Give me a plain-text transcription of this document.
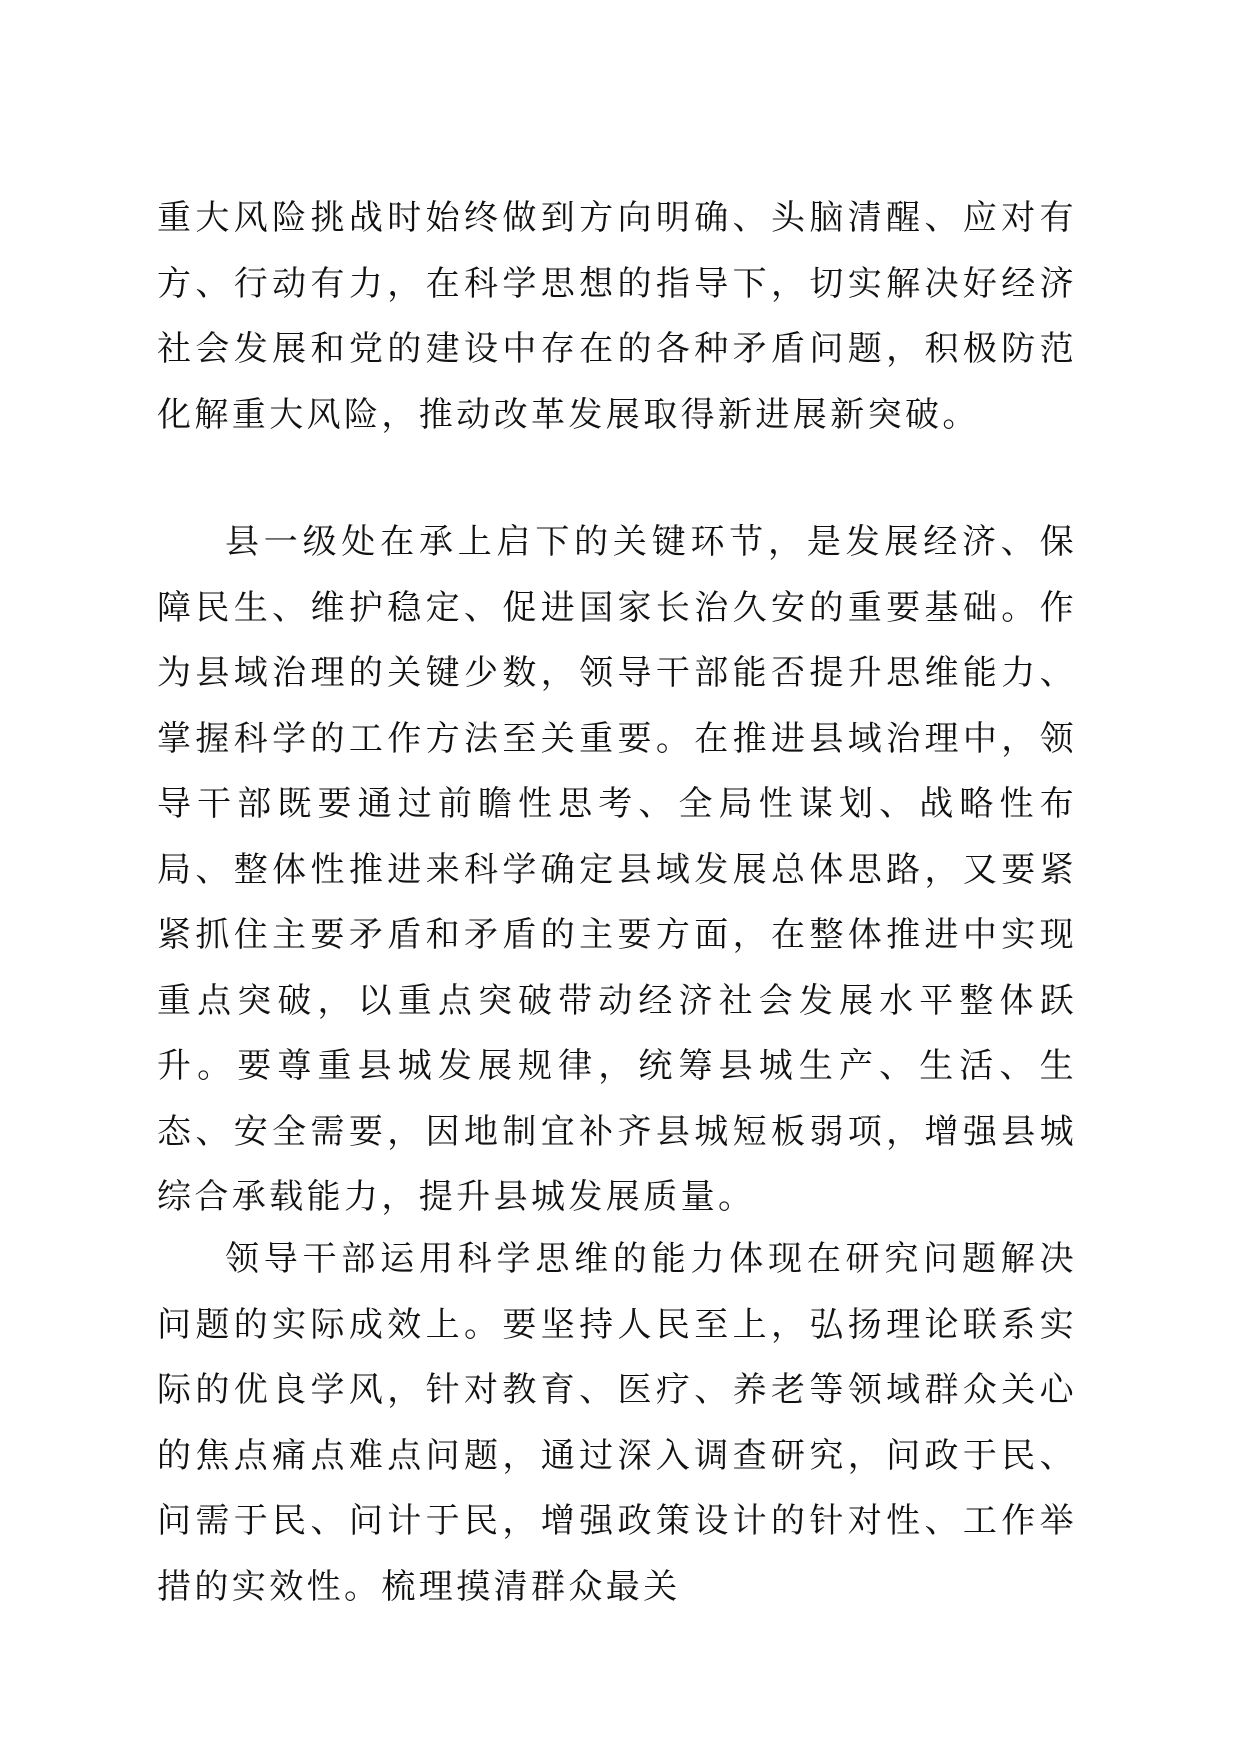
重大风险挑战时始终做到方向明确、头脑清醒、应对有方、行动有力，在科学思想的指导下，切实解决好经济社会发展和党的建设中存在的各种矛盾问题，积极防范化解重大风险，推动改革发展取得新进展新突破。

县一级处在承上启下的关键环节，是发展经济、保障民生、维护稳定、促进国家长治久安的重要基础。作为县域治理的关键少数，领导干部能否提升思维能力、掌握科学的工作方法至关重要。在推进县域治理中，领导干部既要通过前瞻性思考、全局性谋划、战略性布局、整体性推进来科学确定县域发展总体思路，又要紧紧抓住主要矛盾和矛盾的主要方面，在整体推进中实现重点突破，以重点突破带动经济社会发展水平整体跃升。要尊重县城发展规律，统筹县城生产、生活、生态、安全需要，因地制宜补齐县城短板弱项，增强县城综合承载能力，提升县城发展质量。

领导干部运用科学思维的能力体现在研究问题解决问题的实际成效上。要坚持人民至上，弘扬理论联系实际的优良学风，针对教育、医疗、养老等领域群众关心的焦点痛点难点问题，通过深入调查研究，问政于民、问需于民、问计于民，增强政策设计的针对性、工作举措的实效性。梳理摸清群众最关
